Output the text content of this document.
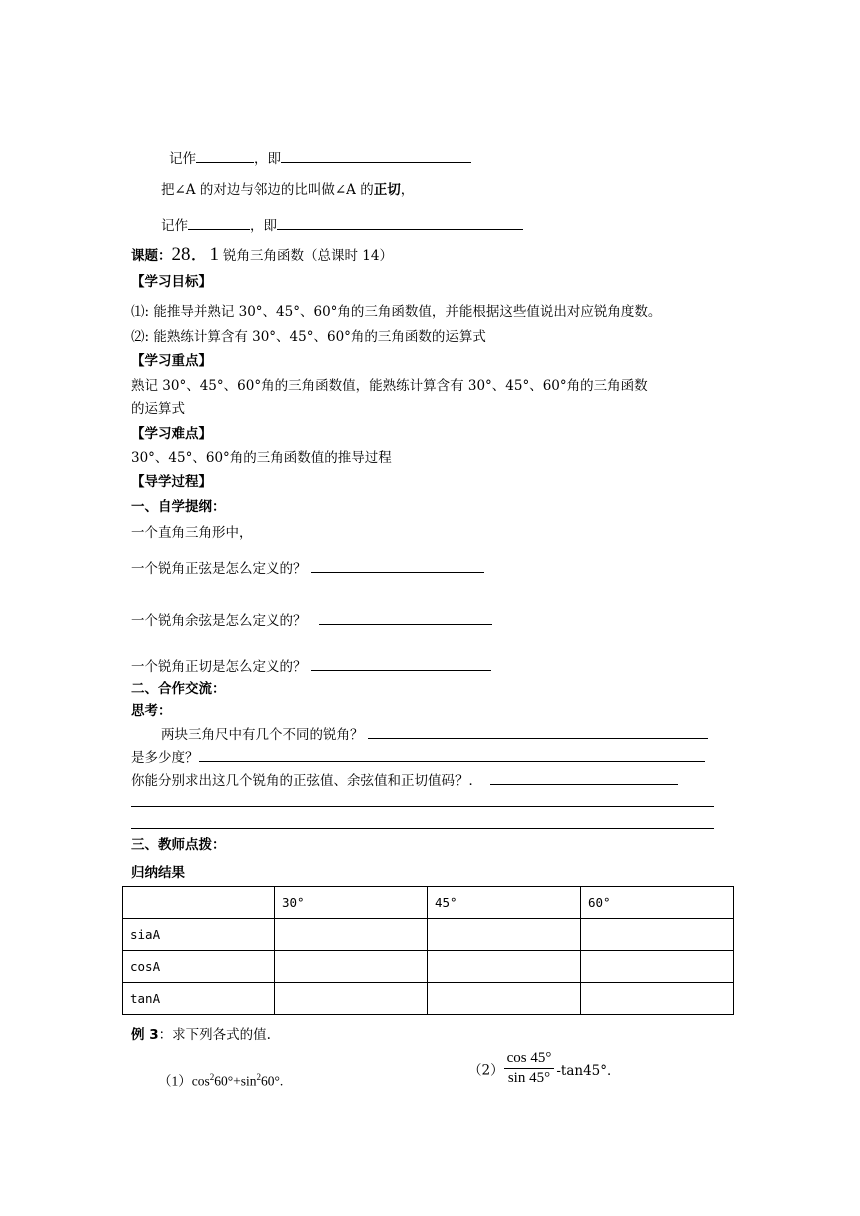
记作	，即
把∠A 的对边与邻边的比叫做∠A 的正切，
记作	，即
课题：28．1 锐角三角函数（总课时 14）
【学习目标】
⑴: 能推导并熟记 30°、45°、60°角的三角函数值，并能根据这些值说出对应锐角度数。
⑵: 能熟练计算含有 30°、45°、60°角的三角函数的运算式
【学习重点】
熟记 30°、45°、60°角的三角函数值，能熟练计算含有 30°、45°、60°角的三角函数
的运算式
【学习难点】
30°、45°、60°角的三角函数值的推导过程
【导学过程】
一、自学提纲：
一个直角三角形中，
一个锐角正弦是怎么定义的？
一个锐角余弦是怎么定义的？
一个锐角正切是怎么定义的？
二、合作交流：
思考：
两块三角尺中有几个不同的锐角？
是多少度？
你能分别求出这几个锐角的正弦值、余弦值和正切值码？．
三、教师点拨：
归纳结果
	30°	45°	60°
siaA			
cosA			
tanA			
例 3：求下列各式的值.
$(1)\cos^260^\circ+\sin^260^\circ$.
$(2) \frac{\cos 45^\circ}{\sin 45^\circ} -\tan 45^\circ$．
